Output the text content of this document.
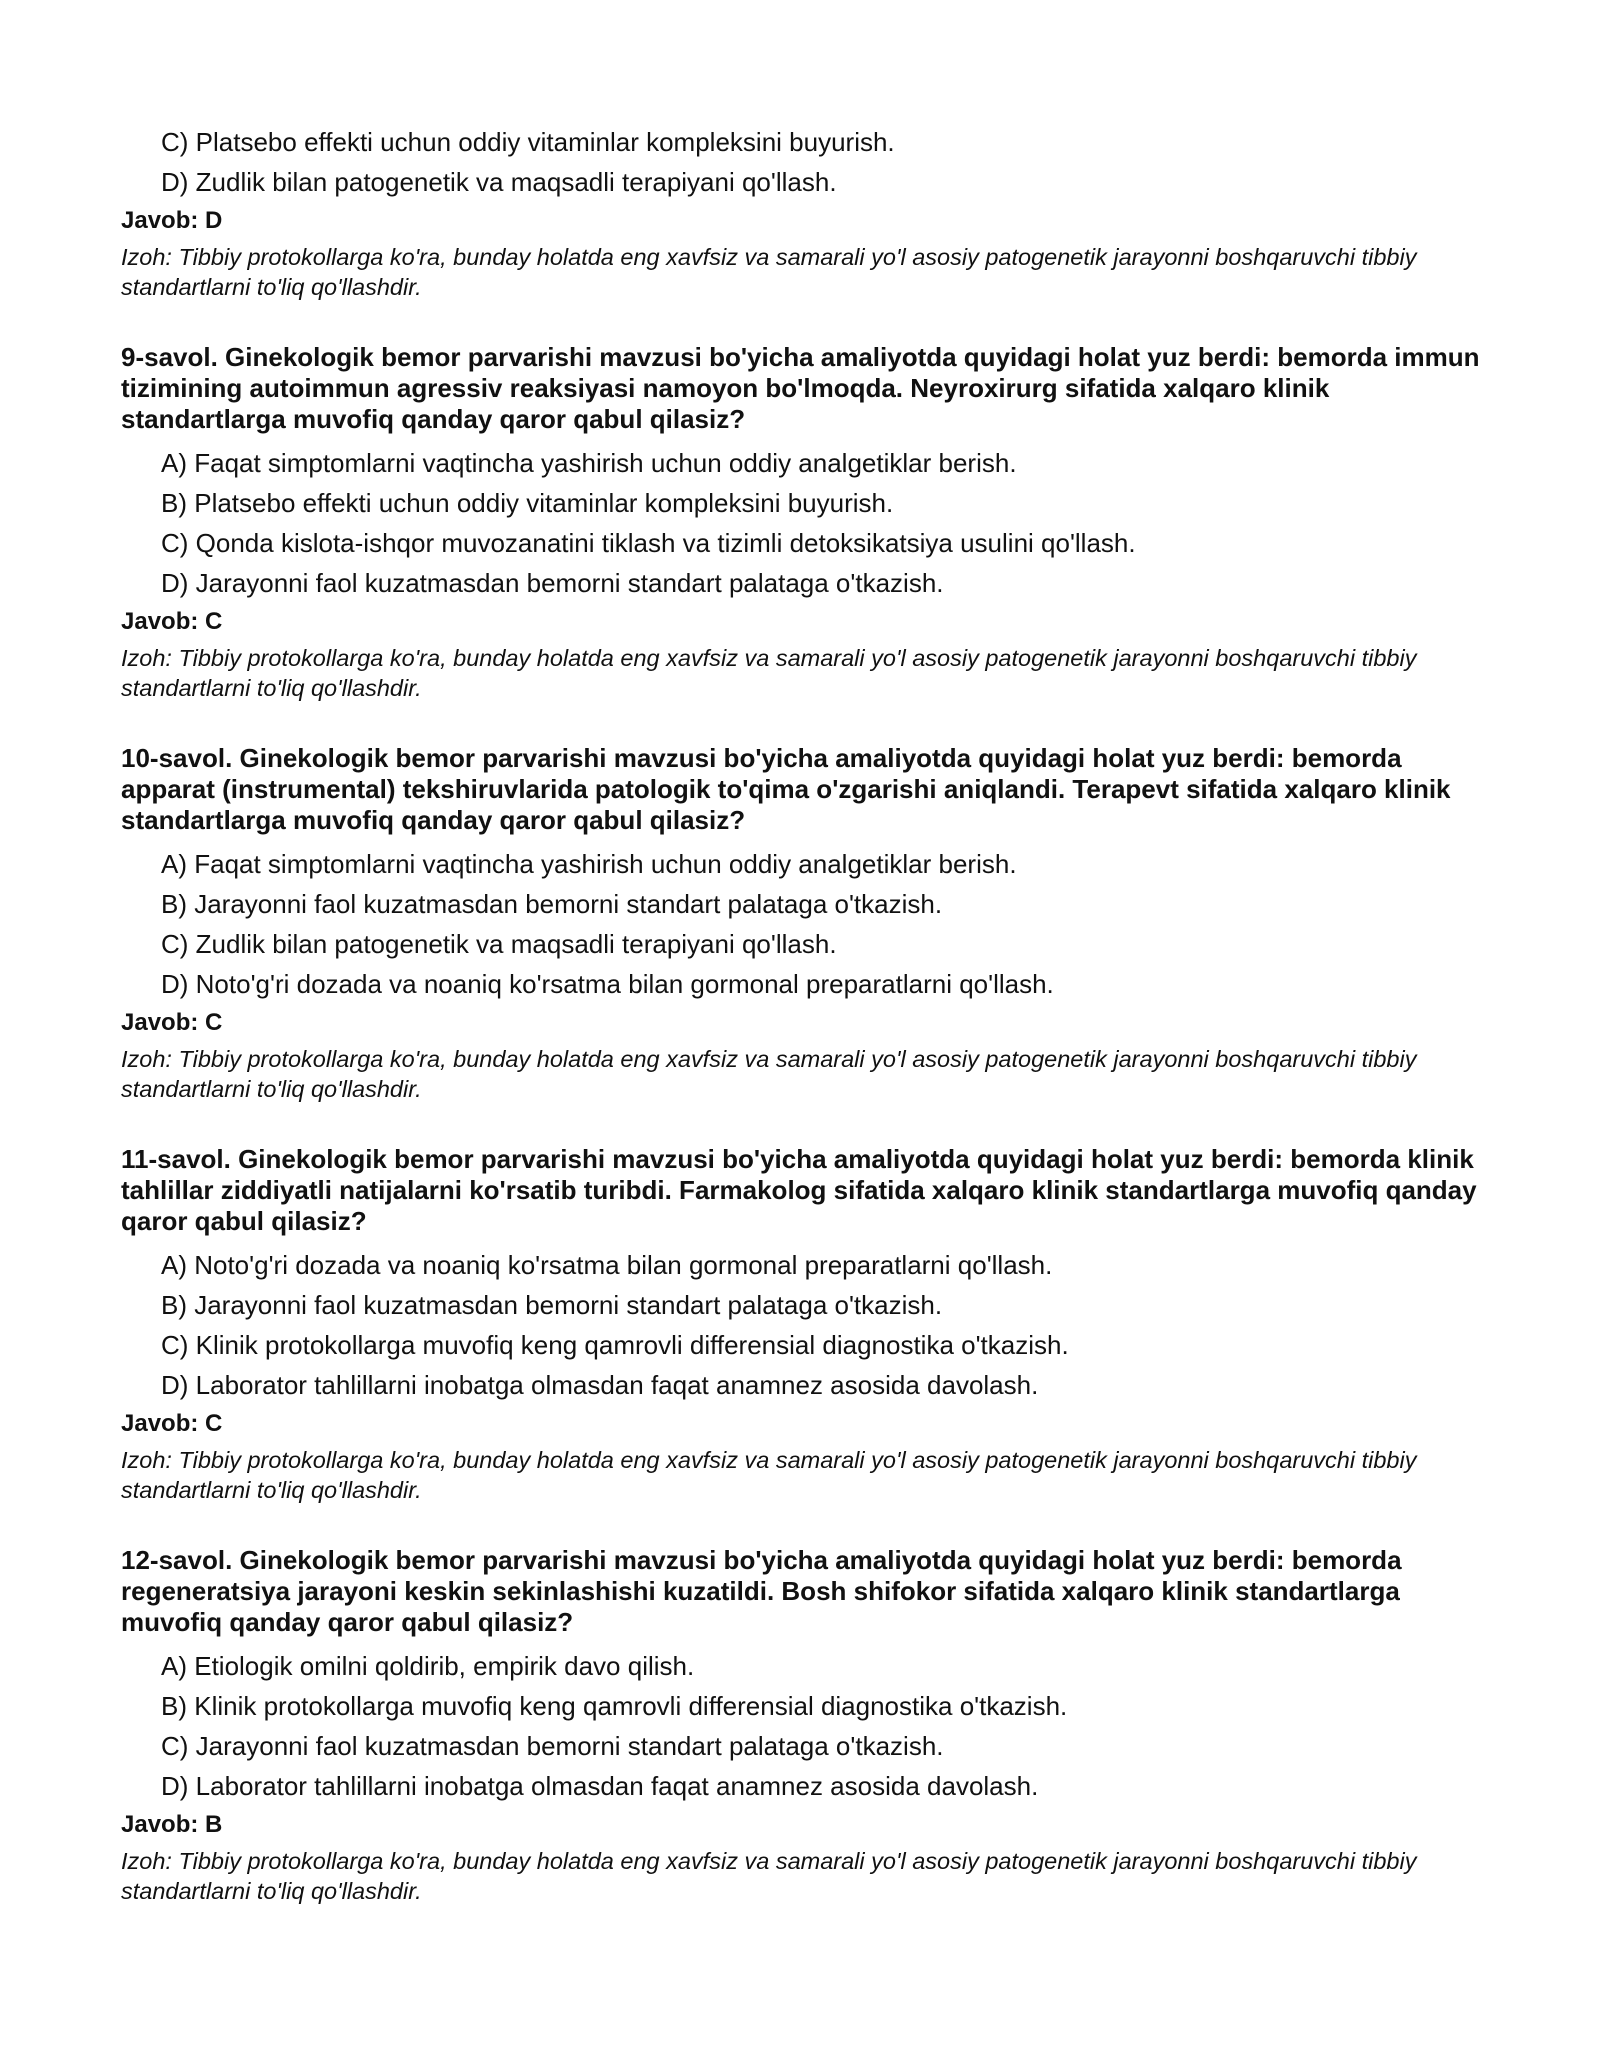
C) Platsebo effekti uchun oddiy vitaminlar kompleksini buyurish.
D) Zudlik bilan patogenetik va maqsadli terapiyani qo'llash.
Javob: D
Izoh: Tibbiy protokollarga ko'ra, bunday holatda eng xavfsiz va samarali yo'l asosiy patogenetik jarayonni boshqaruvchi tibbiy standartlarni to'liq qo'llashdir.
9-savol. Ginekologik bemor parvarishi mavzusi bo'yicha amaliyotda quyidagi holat yuz berdi: bemorda immun tizimining autoimmun agressiv reaksiyasi namoyon bo'lmoqda. Neyroxirurg sifatida xalqaro klinik standartlarga muvofiq qanday qaror qabul qilasiz?
A) Faqat simptomlarni vaqtincha yashirish uchun oddiy analgetiklar berish.
B) Platsebo effekti uchun oddiy vitaminlar kompleksini buyurish.
C) Qonda kislota-ishqor muvozanatini tiklash va tizimli detoksikatsiya usulini qo'llash.
D) Jarayonni faol kuzatmasdan bemorni standart palataga o'tkazish.
Javob: C
Izoh: Tibbiy protokollarga ko'ra, bunday holatda eng xavfsiz va samarali yo'l asosiy patogenetik jarayonni boshqaruvchi tibbiy standartlarni to'liq qo'llashdir.
10-savol. Ginekologik bemor parvarishi mavzusi bo'yicha amaliyotda quyidagi holat yuz berdi: bemorda apparat (instrumental) tekshiruvlarida patologik to'qima o'zgarishi aniqlandi. Terapevt sifatida xalqaro klinik standartlarga muvofiq qanday qaror qabul qilasiz?
A) Faqat simptomlarni vaqtincha yashirish uchun oddiy analgetiklar berish.
B) Jarayonni faol kuzatmasdan bemorni standart palataga o'tkazish.
C) Zudlik bilan patogenetik va maqsadli terapiyani qo'llash.
D) Noto'g'ri dozada va noaniq ko'rsatma bilan gormonal preparatlarni qo'llash.
Javob: C
Izoh: Tibbiy protokollarga ko'ra, bunday holatda eng xavfsiz va samarali yo'l asosiy patogenetik jarayonni boshqaruvchi tibbiy standartlarni to'liq qo'llashdir.
11-savol. Ginekologik bemor parvarishi mavzusi bo'yicha amaliyotda quyidagi holat yuz berdi: bemorda klinik tahlillar ziddiyatli natijalarni ko'rsatib turibdi. Farmakolog sifatida xalqaro klinik standartlarga muvofiq qanday qaror qabul qilasiz?
A) Noto'g'ri dozada va noaniq ko'rsatma bilan gormonal preparatlarni qo'llash.
B) Jarayonni faol kuzatmasdan bemorni standart palataga o'tkazish.
C) Klinik protokollarga muvofiq keng qamrovli differensial diagnostika o'tkazish.
D) Laborator tahlillarni inobatga olmasdan faqat anamnez asosida davolash.
Javob: C
Izoh: Tibbiy protokollarga ko'ra, bunday holatda eng xavfsiz va samarali yo'l asosiy patogenetik jarayonni boshqaruvchi tibbiy standartlarni to'liq qo'llashdir.
12-savol. Ginekologik bemor parvarishi mavzusi bo'yicha amaliyotda quyidagi holat yuz berdi: bemorda regeneratsiya jarayoni keskin sekinlashishi kuzatildi. Bosh shifokor sifatida xalqaro klinik standartlarga muvofiq qanday qaror qabul qilasiz?
A) Etiologik omilni qoldirib, empirik davo qilish.
B) Klinik protokollarga muvofiq keng qamrovli differensial diagnostika o'tkazish.
C) Jarayonni faol kuzatmasdan bemorni standart palataga o'tkazish.
D) Laborator tahlillarni inobatga olmasdan faqat anamnez asosida davolash.
Javob: B
Izoh: Tibbiy protokollarga ko'ra, bunday holatda eng xavfsiz va samarali yo'l asosiy patogenetik jarayonni boshqaruvchi tibbiy standartlarni to'liq qo'llashdir.
